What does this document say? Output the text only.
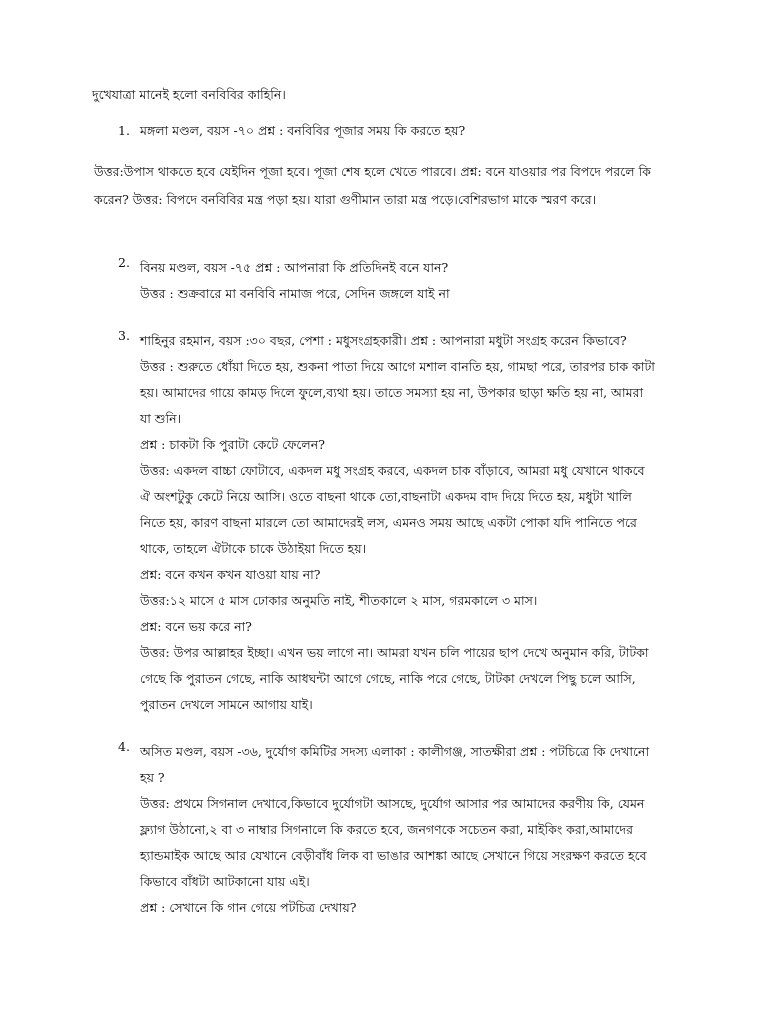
দুখেযাত্রা মানেই হলো বনবিবির কাহিনি।
1. মঙ্গলা মণ্ডল, বয়স -৭০ প্রশ্ন : বনবিবির পূজার সময় কি করতে হয়?

উত্তর:উপাস থাকতে হবে যেইদিন পূজা হবে। পূজা শেষ হলে খেতে পারবে। প্রশ্ন: বনে যাওয়ার পর বিপদে পরলে কি করেন? উত্তর: বিপদে বনবিবির মন্ত্র পড়া হয়। যারা গুণীমান তারা মন্ত্র পড়ে।বেশিরভাগ মাকে স্মরণ করে।

2. বিনয় মণ্ডল, বয়স -৭৫ প্রশ্ন : আপনারা কি প্রতিদিনই বনে যান?

উত্তর : শুক্রবারে মা বনবিবি নামাজ পরে, সেদিন জঙ্গলে যাই না

3. শাহিনুর রহমান, বয়স :৩০ বছর, পেশা : মধুসংগ্রহকারী। প্রশ্ন : আপনারা মধুটা সংগ্রহ করেন কিভাবে?

উত্তর : শুরুতে ধোঁয়া দিতে হয়, শুকনা পাতা দিয়ে আগে মশাল বানতি হয়, গামছা পরে, তারপর চাক কাটা

হয়। আমাদের গায়ে কামড় দিলে ফুলে,ব্যথা হয়। তাতে সমস্যা হয় না, উপকার ছাড়া ক্ষতি হয় না, আমরা

যা শুনি।

প্রশ্ন : চাকটা কি পুরাটা কেটে ফেলেন?

উত্তর: একদল বাচ্চা ফোটাবে, একদল মধু সংগ্রহ করবে, একদল চাক বাঁড়াবে, আমরা মধু যেখানে থাকবে

ঐ অংশটুকু কেটে নিয়ে আসি। ওতে বাছনা থাকে তো,বাছনাটা একদম বাদ দিয়ে দিতে হয়, মধুটা খালি

নিতে হয়, কারণ বাছনা মারলে তো আমাদেরই লস, এমনও সময় আছে একটা পোকা যদি পানিতে পরে

থাকে, তাহলে ঐটাকে চাকে উঠাইয়া দিতে হয়।

প্রশ্ন: বনে কখন কখন যাওয়া যায় না?

উত্তর:১২ মাসে ৫ মাস ঢোকার অনুমতি নাই, শীতকালে ২ মাস, গরমকালে ৩ মাস।

প্রশ্ন: বনে ভয় করে না?

উত্তর: উপর আল্লাহর ইচ্ছা। এখন ভয় লাগে না। আমরা যখন চলি পায়ের ছাপ দেখে অনুমান করি, টাটকা

গেছে কি পুরাতন গেছে, নাকি আধঘন্টা আগে গেছে, নাকি পরে গেছে, টাটকা দেখলে পিছু চলে আসি,

পুরাতন দেখলে সামনে আগায় যাই।

4. অসিত মণ্ডল, বয়স -৩৬, দুর্যোগ কমিটির সদস্য এলাকা : কালীগঞ্জ, সাতক্ষীরা প্রশ্ন : পটচিত্রে কি দেখানো

হয় ?

উত্তর: প্রথমে সিগনাল দেখাবে,কিভাবে দুর্যোগটা আসছে, দুর্যোগ আসার পর আমাদের করণীয় কি, যেমন

ফ্ল্যাগ উঠানো,২ বা ৩ নাম্বার সিগনালে কি করতে হবে, জনগণকে সচেতন করা, মাইকিং করা,আমাদের

হ্যান্ডমাইক আছে আর যেখানে বেড়ীবাঁধ লিক বা ভাঙার আশঙ্কা আছে সেখানে গিয়ে সংরক্ষণ করতে হবে

কিভাবে বাঁধটা আটকানো যায় এই।

প্রশ্ন : সেখানে কি গান গেয়ে পটচিত্র দেখায়?
